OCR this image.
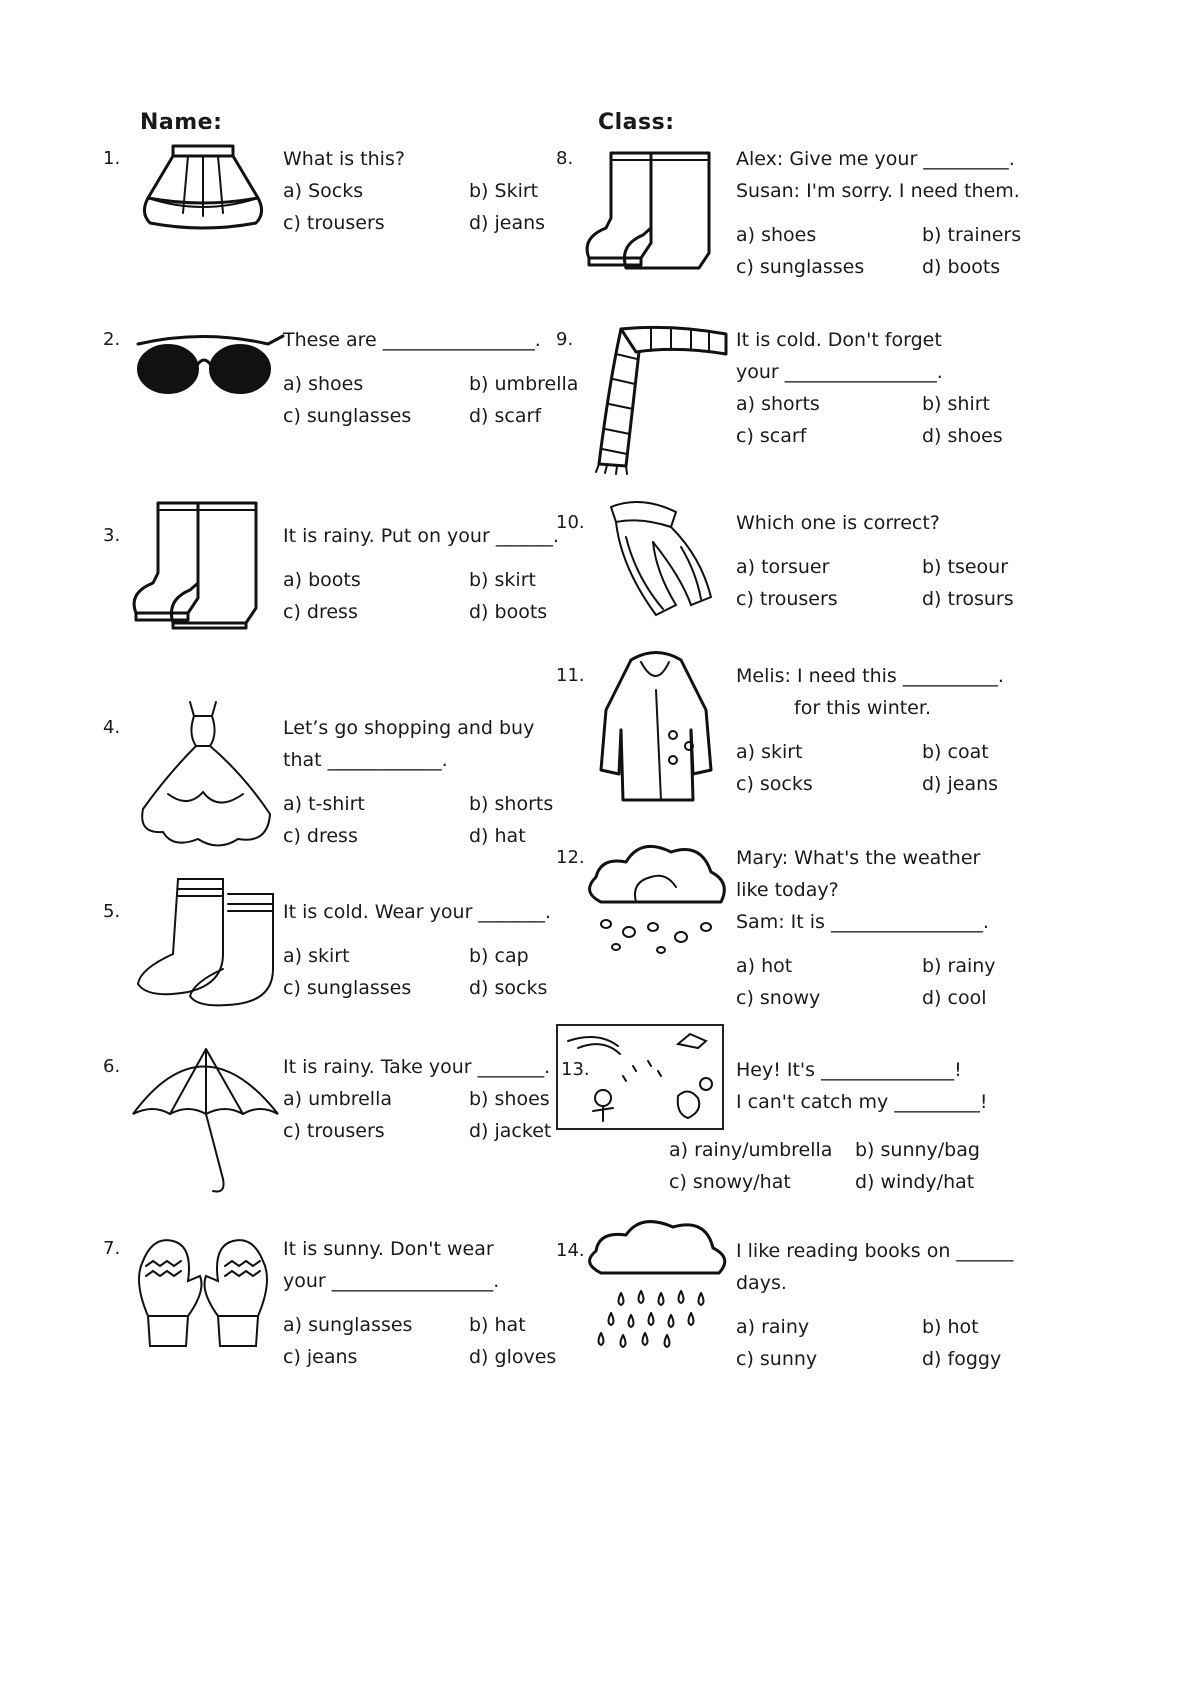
Name:	Class:
1.	What is this?
a) Socks	b) Skirt
c) trousers	d) jeans
2.	These are ________________.
a) shoes	b) umbrella
c) sunglasses	d) scarf
3.	It is rainy. Put on your ______.
a) boots	b) skirt
c) dress	d) boots
4.	Let’s go shopping and buy
that ____________.
a) t-shirt	b) shorts
c) dress	d) hat
5.	It is cold. Wear your _______.
a) skirt	b) cap
c) sunglasses	d) socks
6.	It is rainy. Take your _______.
a) umbrella	b) shoes
c) trousers	d) jacket
7.	It is sunny. Don't wear
your _________________.
a) sunglasses	b) hat
c) jeans	d) gloves
8.	Alex: Give me your _________.
Susan: I'm sorry. I need them.
a) shoes	b) trainers
c) sunglasses	d) boots
9.	It is cold. Don't forget
your ________________.
a) shorts	b) shirt
c) scarf	d) shoes
10.	Which one is correct?
a) torsuer	b) tseour
c) trousers	d) trosurs
11.	Melis: I need this __________.
for this winter.
a) skirt	b) coat
c) socks	d) jeans
12.	Mary: What's the weather
like today?
Sam: It is ________________.
a) hot	b) rainy
c) snowy	d) cool
13.	Hey! It's ______________!
I can't catch my _________!
a) rainy/umbrella	b) sunny/bag
c) snowy/hat	d) windy/hat
14.	I like reading books on ______
days.
a) rainy	b) hot
c) sunny	d) foggy
